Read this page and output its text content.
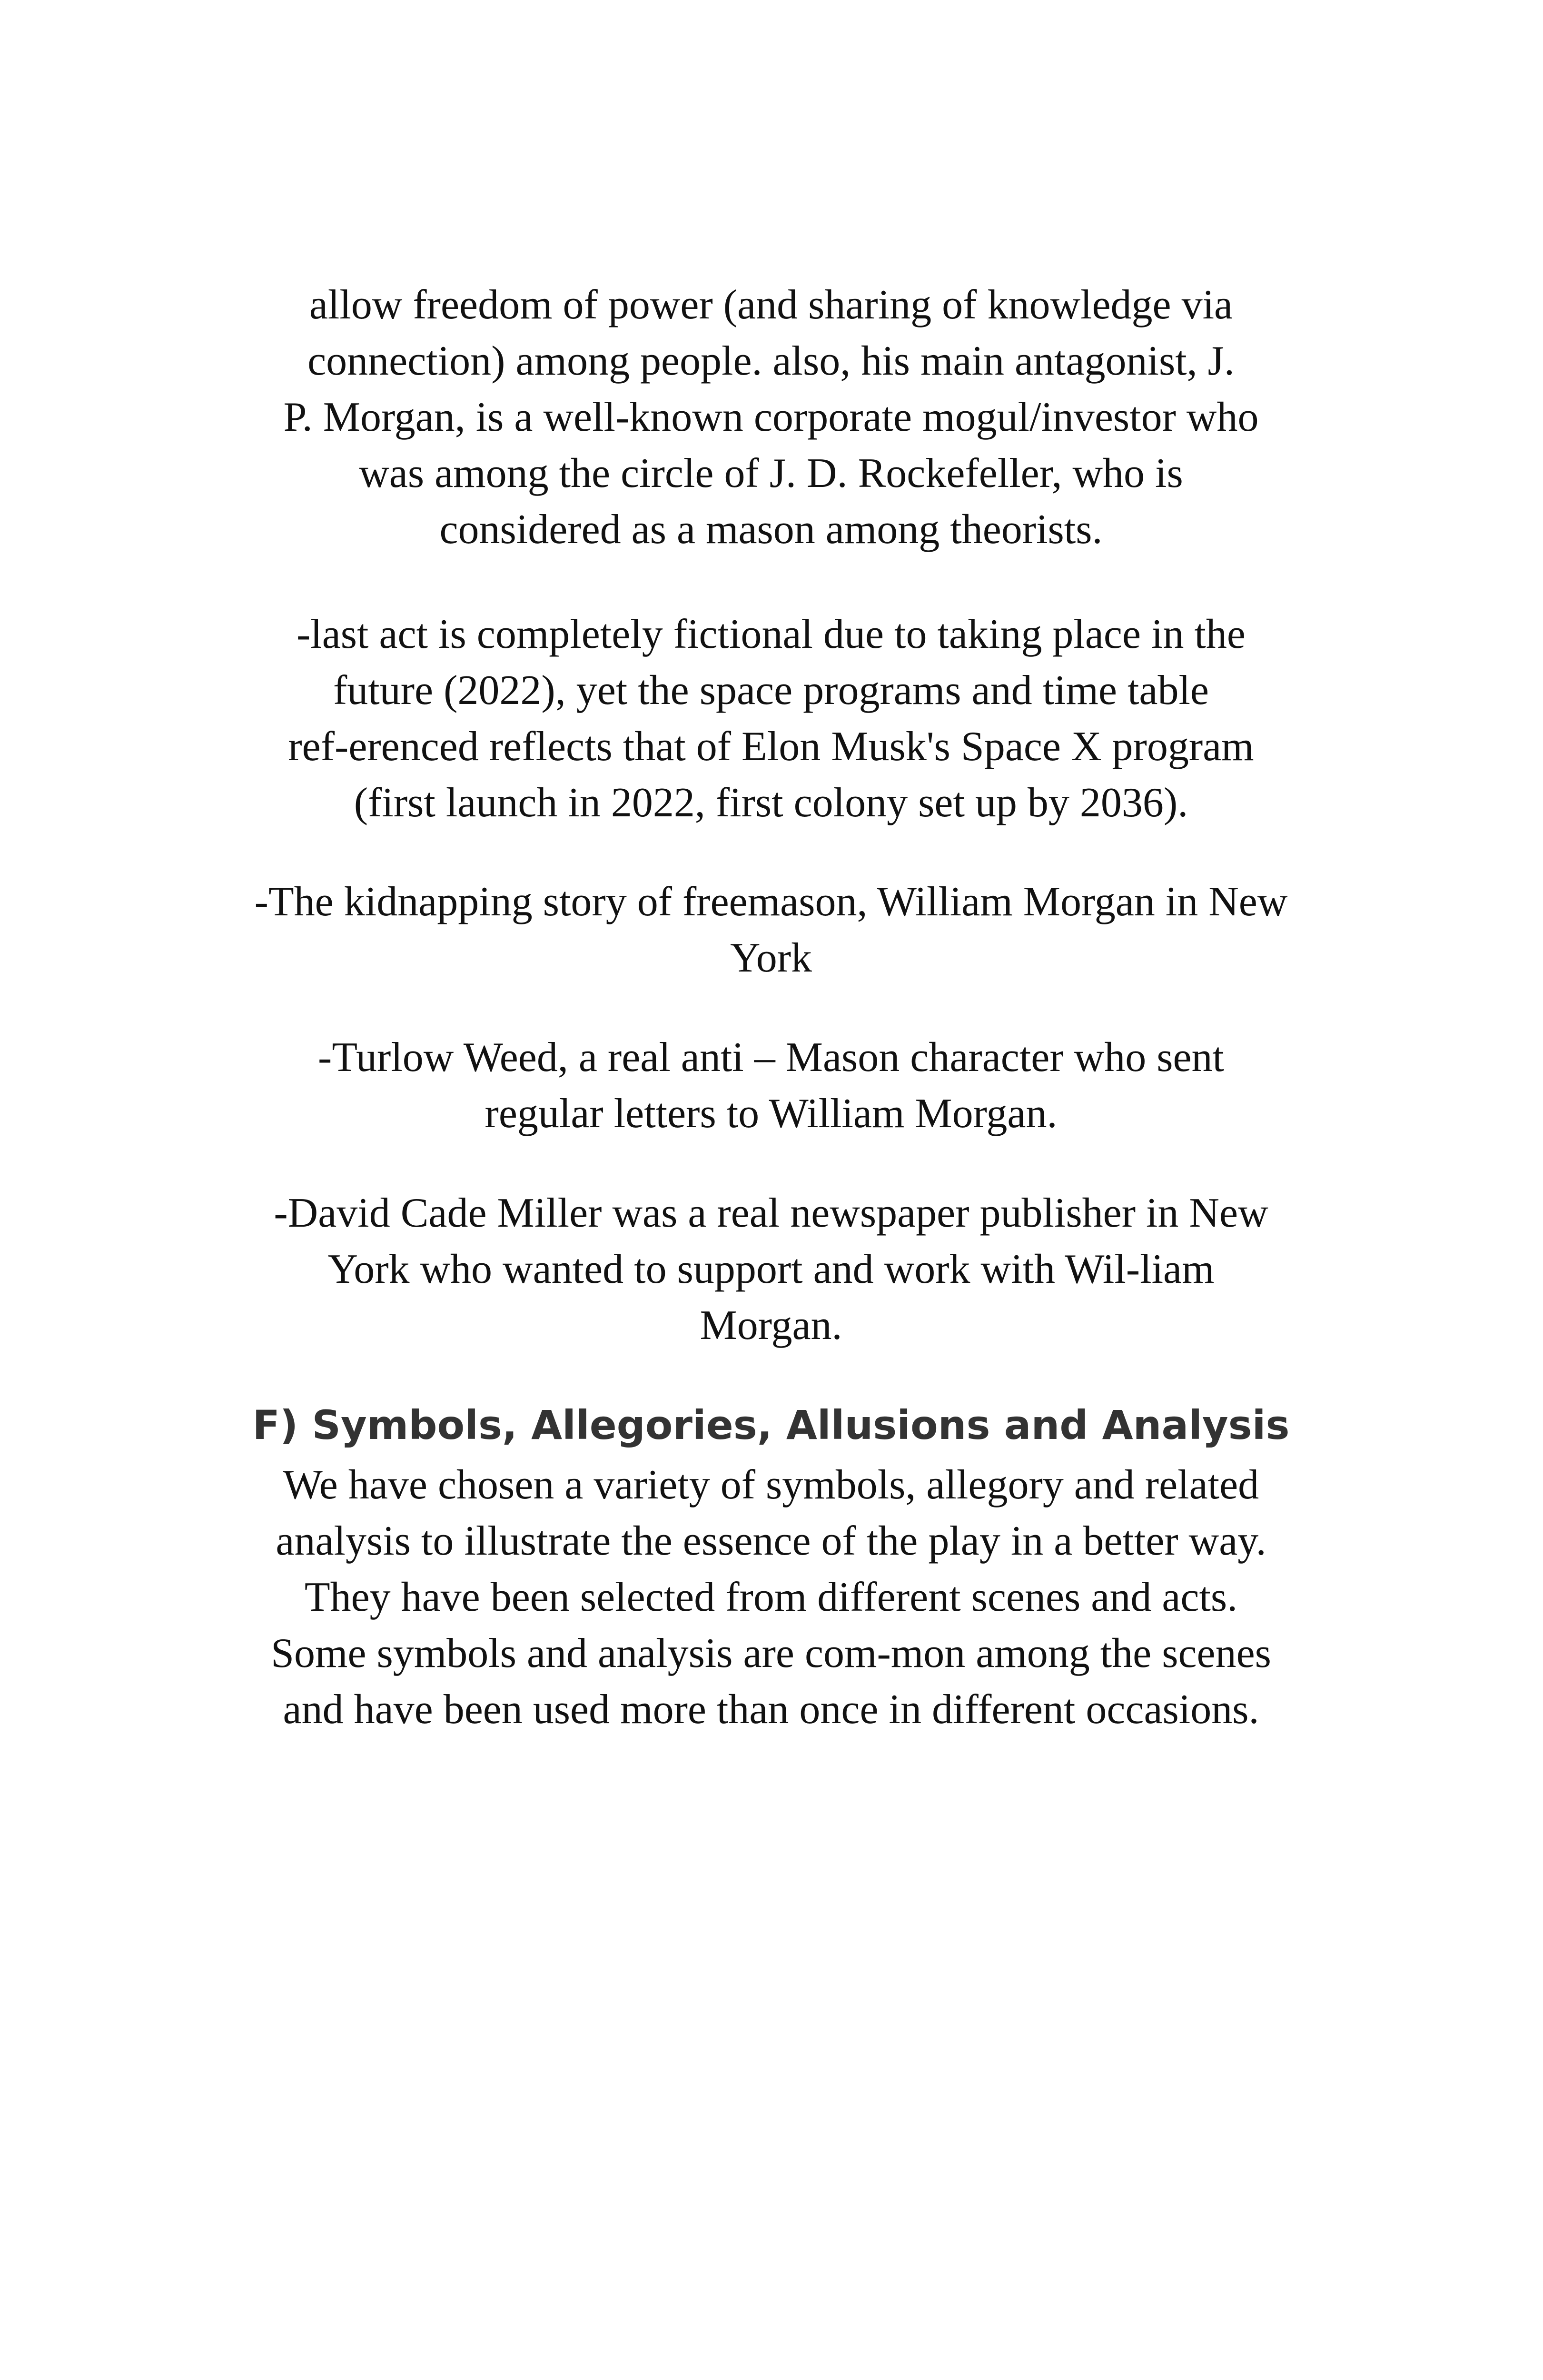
allow freedom of power (and sharing of knowledge via
connection) among people. also, his main antagonist, J.
P. Morgan, is a well-known corporate mogul/investor who
was among the circle of J. D. Rockefeller, who is
considered as a mason among theorists.

-last act is completely fictional due to taking place in the
future (2022), yet the space programs and time table
ref-erenced reflects that of Elon Musk's Space X program
(first launch in 2022, first colony set up by 2036).

-The kidnapping story of freemason, William Morgan in New
York

-Turlow Weed, a real anti – Mason character who sent
regular letters to William Morgan.

-David Cade Miller was a real newspaper publisher in New
York who wanted to support and work with Wil-liam
Morgan.

F) Symbols, Allegories, Allusions and Analysis

We have chosen a variety of symbols, allegory and related
analysis to illustrate the essence of the play in a better way.
They have been selected from different scenes and acts.
Some symbols and analysis are com-mon among the scenes
and have been used more than once in different occasions.
